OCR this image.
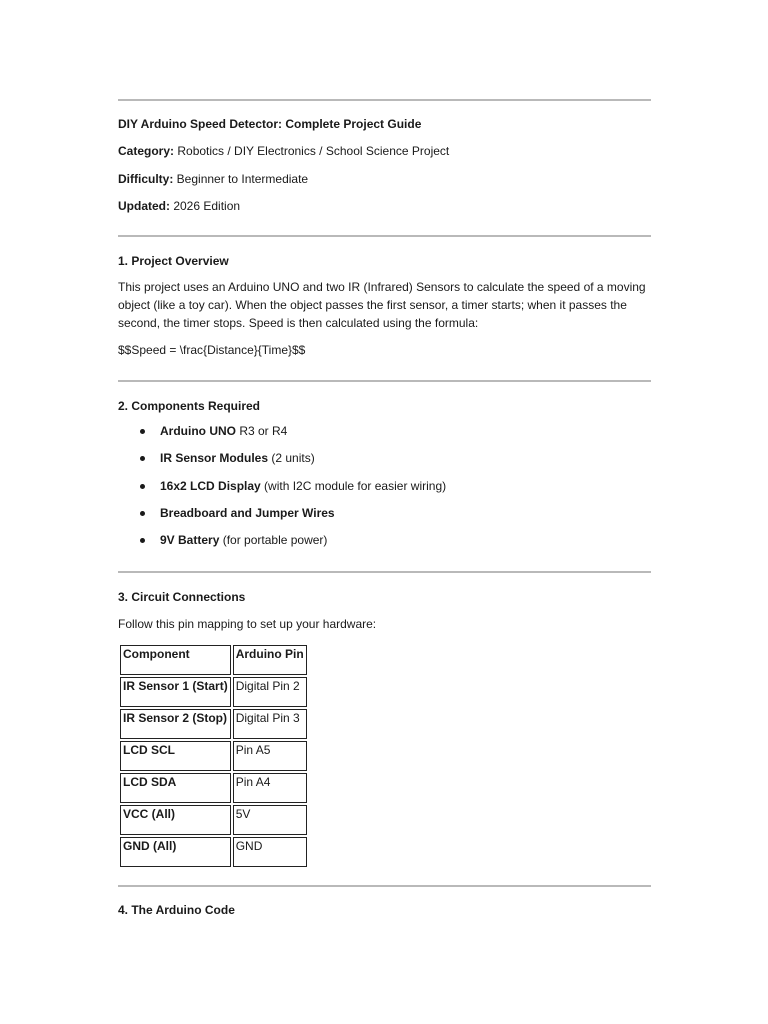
DIY Arduino Speed Detector: Complete Project Guide
Category: Robotics / DIY Electronics / School Science Project
Difficulty: Beginner to Intermediate
Updated: 2026 Edition
1. Project Overview
This project uses an Arduino UNO and two IR (Infrared) Sensors to calculate the speed of a moving object (like a toy car). When the object passes the first sensor, a timer starts; when it passes the second, the timer stops. Speed is then calculated using the formula:
$$Speed = \frac{Distance}{Time}$$
2. Components Required
Arduino UNO R3 or R4
IR Sensor Modules (2 units)
16x2 LCD Display (with I2C module for easier wiring)
Breadboard and Jumper Wires
9V Battery (for portable power)
3. Circuit Connections
Follow this pin mapping to set up your hardware:
Component	Arduino Pin
IR Sensor 1 (Start)	Digital Pin 2
IR Sensor 2 (Stop)	Digital Pin 3
LCD SCL	Pin A5
LCD SDA	Pin A4
VCC (All)	5V
GND (All)	GND
4. The Arduino Code
